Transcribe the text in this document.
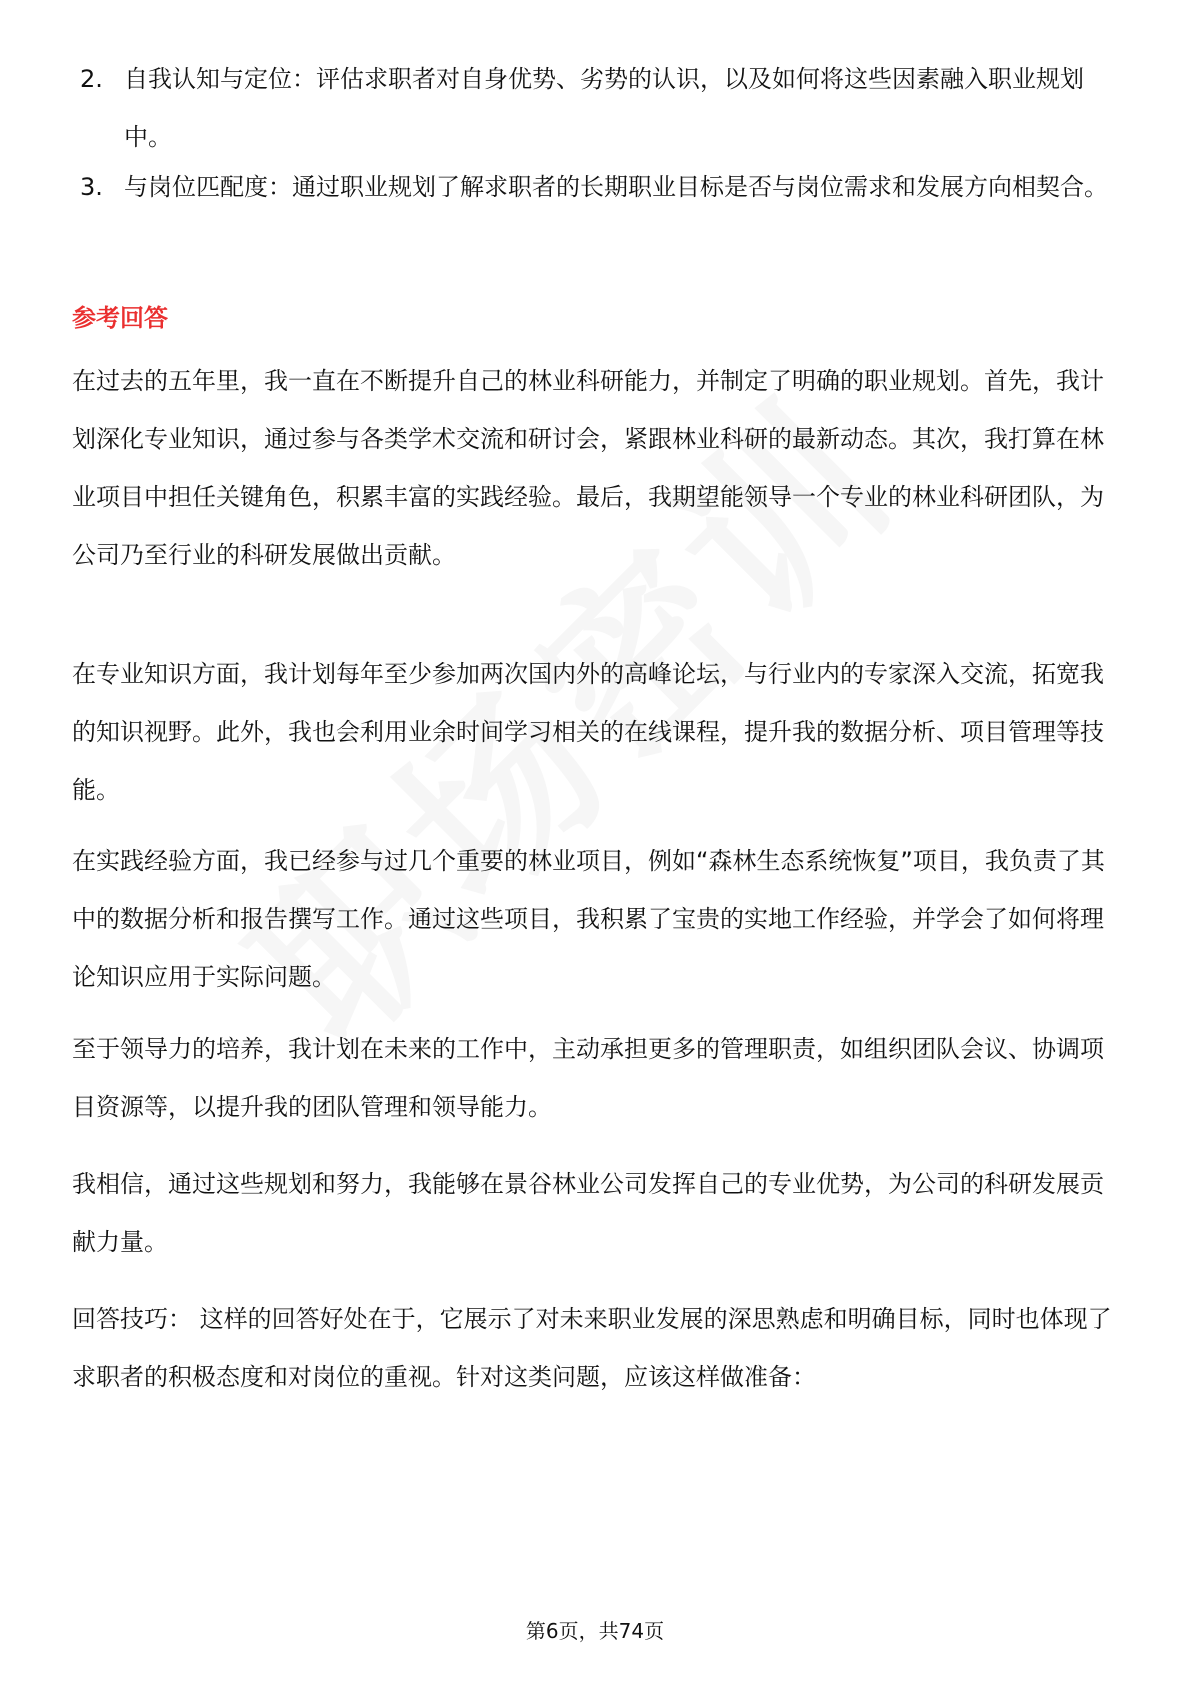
2. 自我认知与定位：评估求职者对自身优势、劣势的认识，以及如何将这些因素融入职业规划中。
3. 与岗位匹配度：通过职业规划了解求职者的长期职业目标是否与岗位需求和发展方向相契合。
参考回答
在过去的五年里，我一直在不断提升自己的林业科研能力，并制定了明确的职业规划。首先，我计划深化专业知识，通过参与各类学术交流和研讨会，紧跟林业科研的最新动态。其次，我打算在林业项目中担任关键角色，积累丰富的实践经验。最后，我期望能领导一个专业的林业科研团队，为公司乃至行业的科研发展做出贡献。
在专业知识方面，我计划每年至少参加两次国内外的高峰论坛，与行业内的专家深入交流，拓宽我的知识视野。此外，我也会利用业余时间学习相关的在线课程，提升我的数据分析、项目管理等技能。
在实践经验方面，我已经参与过几个重要的林业项目，例如“森林生态系统恢复”项目，我负责了其中的数据分析和报告撰写工作。通过这些项目，我积累了宝贵的实地工作经验，并学会了如何将理论知识应用于实际问题。
至于领导力的培养，我计划在未来的工作中，主动承担更多的管理职责，如组织团队会议、协调项目资源等，以提升我的团队管理和领导能力。
我相信，通过这些规划和努力，我能够在景谷林业公司发挥自己的专业优势，为公司的科研发展贡献力量。
回答技巧： 这样的回答好处在于，它展示了对未来职业发展的深思熟虑和明确目标，同时也体现了求职者的积极态度和对岗位的重视。针对这类问题，应该这样做准备：
第6页，共74页
